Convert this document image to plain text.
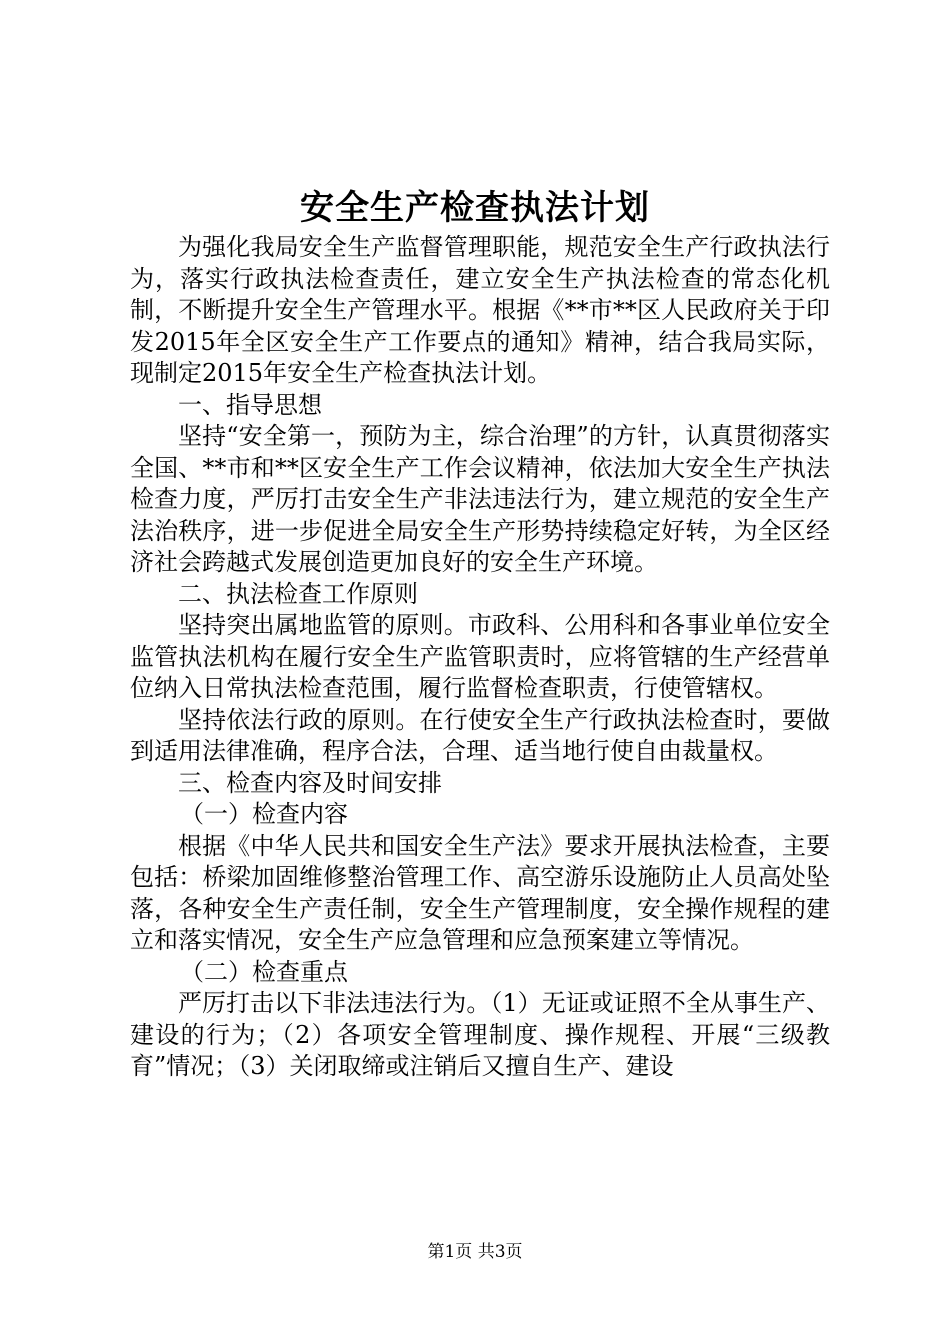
安全生产检查执法计划

为强化我局安全生产监督管理职能，规范安全生产行政执法行为，落实行政执法检查责任，建立安全生产执法检查的常态化机制，不断提升安全生产管理水平。根据《**市**区人民政府关于印发2015年全区安全生产工作要点的通知》精神，结合我局实际，现制定2015年安全生产检查执法计划。

一、指导思想

坚持“安全第一，预防为主，综合治理”的方针，认真贯彻落实全国、**市和**区安全生产工作会议精神，依法加大安全生产执法检查力度，严厉打击安全生产非法违法行为，建立规范的安全生产法治秩序，进一步促进全局安全生产形势持续稳定好转，为全区经济社会跨越式发展创造更加良好的安全生产环境。

二、执法检查工作原则

坚持突出属地监管的原则。市政科、公用科和各事业单位安全监管执法机构在履行安全生产监管职责时，应将管辖的生产经营单位纳入日常执法检查范围，履行监督检查职责，行使管辖权。

坚持依法行政的原则。在行使安全生产行政执法检查时，要做到适用法律准确，程序合法，合理、适当地行使自由裁量权。

三、检查内容及时间安排

（一）检查内容

根据《中华人民共和国安全生产法》要求开展执法检查，主要包括：桥梁加固维修整治管理工作、高空游乐设施防止人员高处坠落，各种安全生产责任制，安全生产管理制度，安全操作规程的建立和落实情况，安全生产应急管理和应急预案建立等情况。

（二）检查重点

严厉打击以下非法违法行为。（1）无证或证照不全从事生产、建设的行为；（2）各项安全管理制度、操作规程、开展“三级教育”情况；（3）关闭取缔或注销后又擅自生产、建设

第1页 共3页
